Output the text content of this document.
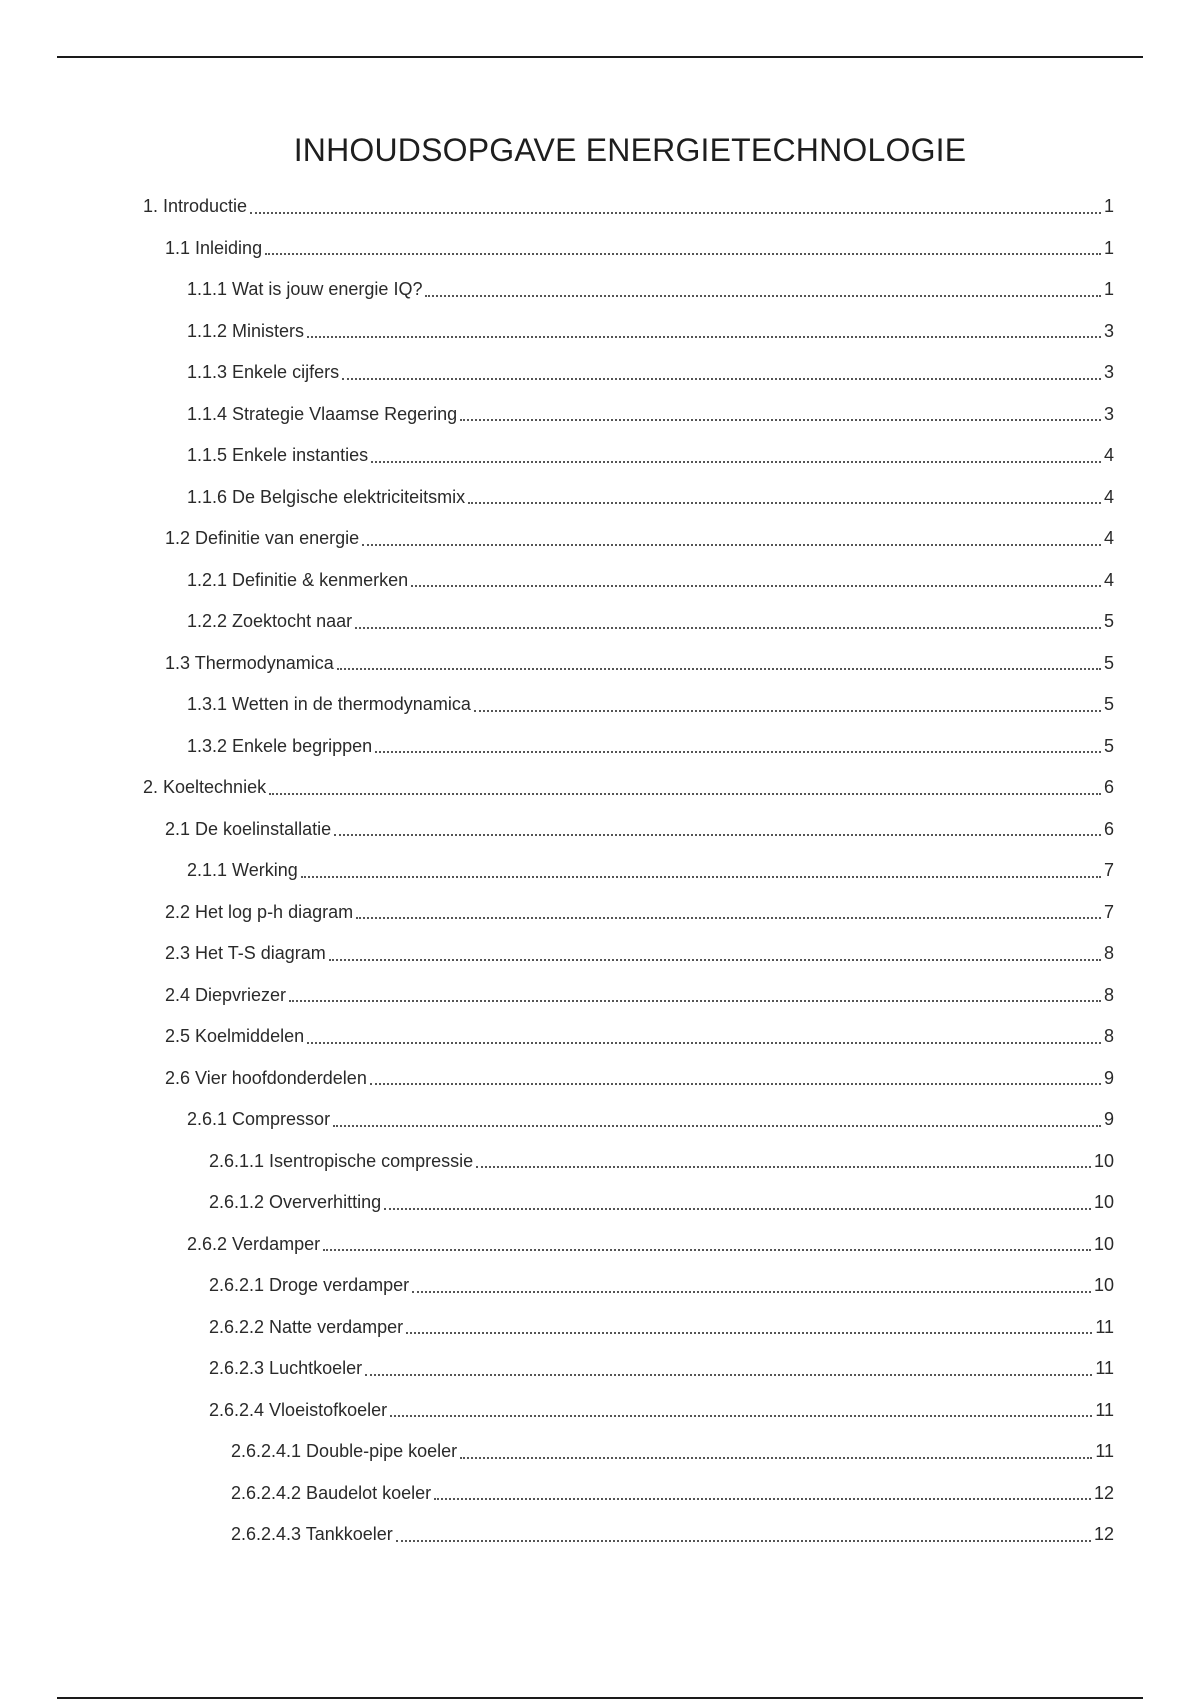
INHOUDSOPGAVE ENERGIETECHNOLOGIE
1. Introductie	1
1.1 Inleiding	1
1.1.1 Wat is jouw energie IQ?	1
1.1.2 Ministers	3
1.1.3 Enkele cijfers	3
1.1.4 Strategie Vlaamse Regering	3
1.1.5 Enkele instanties	4
1.1.6 De Belgische elektriciteitsmix	4
1.2 Definitie van energie	4
1.2.1 Definitie & kenmerken	4
1.2.2 Zoektocht naar	5
1.3 Thermodynamica	5
1.3.1 Wetten in de thermodynamica	5
1.3.2 Enkele begrippen	5
2. Koeltechniek	6
2.1 De koelinstallatie	6
2.1.1 Werking	7
2.2 Het log p-h diagram	7
2.3 Het T-S diagram	8
2.4 Diepvriezer	8
2.5 Koelmiddelen	8
2.6 Vier hoofdonderdelen	9
2.6.1 Compressor	9
2.6.1.1 Isentropische compressie	10
2.6.1.2 Oververhitting	10
2.6.2 Verdamper	10
2.6.2.1 Droge verdamper	10
2.6.2.2 Natte verdamper	11
2.6.2.3 Luchtkoeler	11
2.6.2.4 Vloeistofkoeler	11
2.6.2.4.1 Double-pipe koeler	11
2.6.2.4.2 Baudelot koeler	12
2.6.2.4.3 Tankkoeler	12
